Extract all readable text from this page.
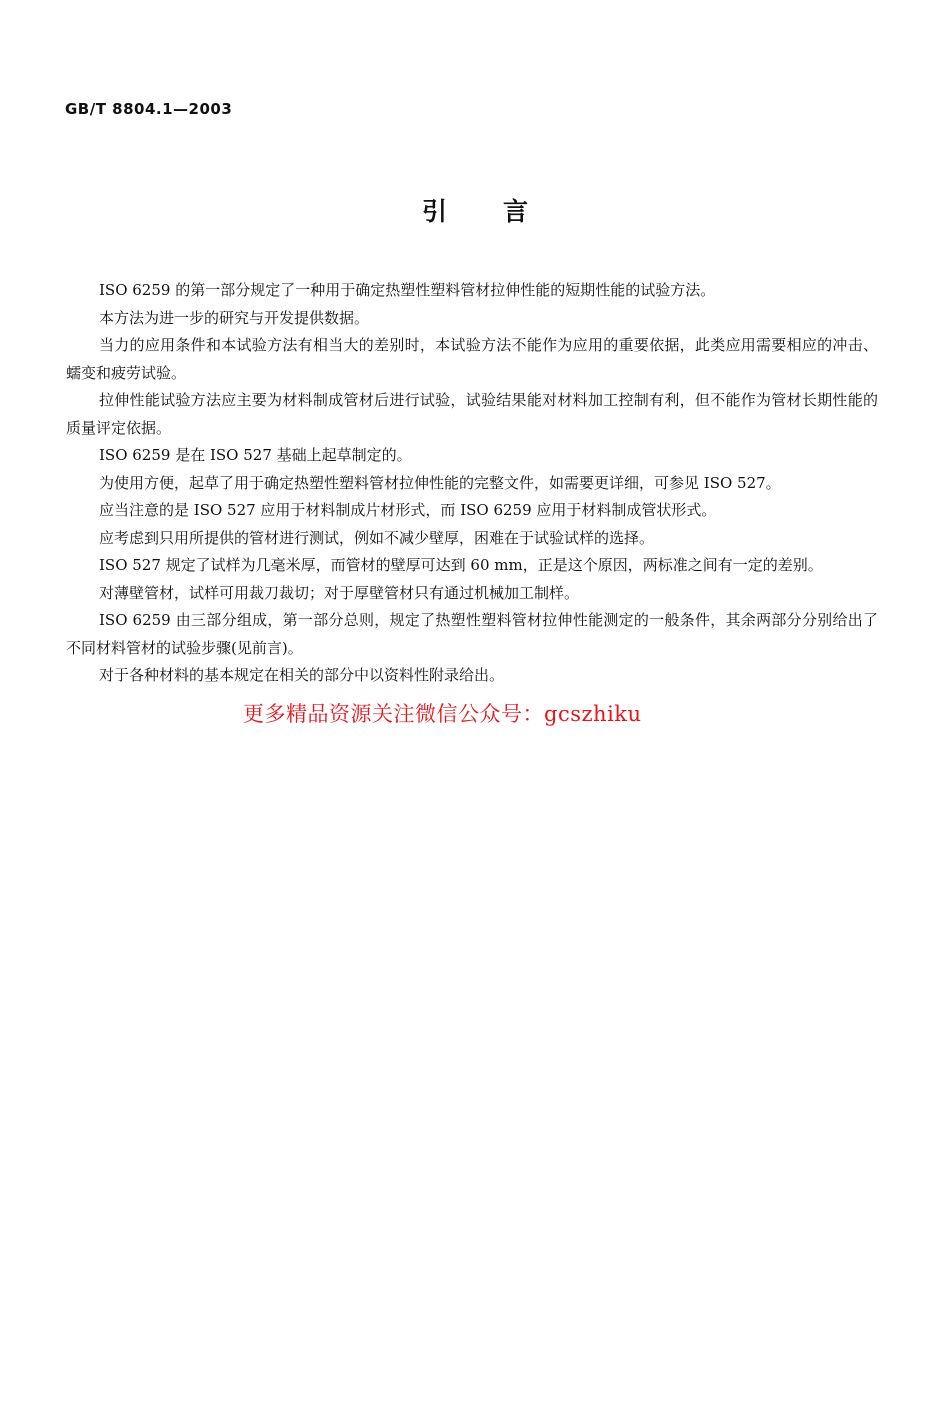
GB/T 8804.1—2003
引言

ISO 6259 的第一部分规定了一种用于确定热塑性塑料管材拉伸性能的短期性能的试验方法。

本方法为进一步的研究与开发提供数据。

当力的应用条件和本试验方法有相当大的差别时，本试验方法不能作为应用的重要依据，此类应用需要相应的冲击、蠕变和疲劳试验。

拉伸性能试验方法应主要为材料制成管材后进行试验，试验结果能对材料加工控制有利，但不能作为管材长期性能的质量评定依据。

ISO 6259 是在 ISO 527 基础上起草制定的。

为使用方便，起草了用于确定热塑性塑料管材拉伸性能的完整文件，如需要更详细，可参见 ISO 527。

应当注意的是 ISO 527 应用于材料制成片材形式，而 ISO 6259 应用于材料制成管状形式。

应考虑到只用所提供的管材进行测试，例如不减少壁厚，困难在于试验试样的选择。

ISO 527 规定了试样为几毫米厚，而管材的壁厚可达到 60 mm，正是这个原因，两标准之间有一定的差别。

对薄壁管材，试样可用裁刀裁切；对于厚壁管材只有通过机械加工制样。

ISO 6259 由三部分组成，第一部分总则，规定了热塑性塑料管材拉伸性能测定的一般条件，其余两部分分别给出了不同材料管材的试验步骤(见前言)。

对于各种材料的基本规定在相关的部分中以资料性附录给出。

更多精品资源关注微信公众号：gcszhiku
